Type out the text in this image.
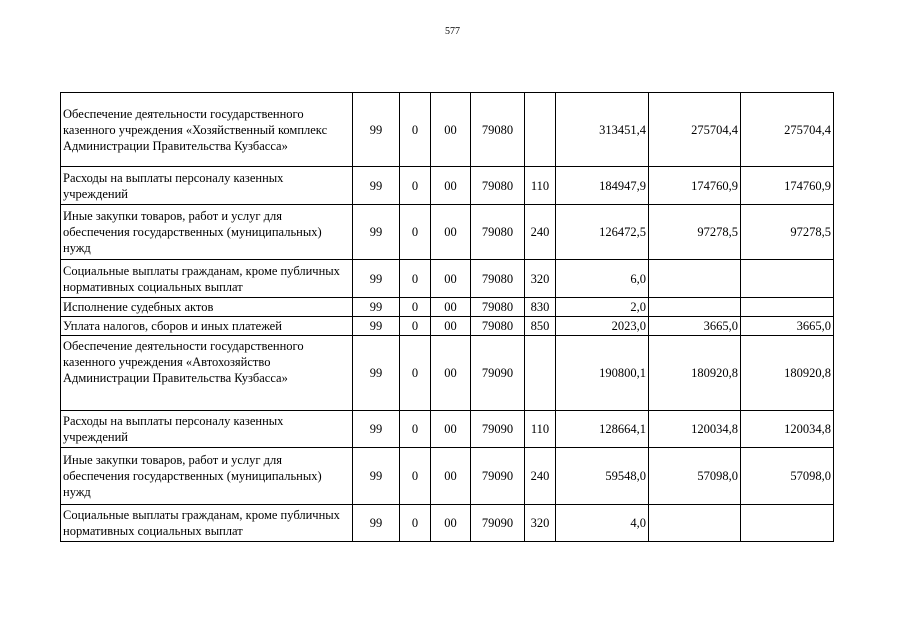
577
Обеспечение деятельности государственного казенного учреждения «Хозяйственный комплекс Администрации Правительства Кузбасса»	99	0	00	79080		313451,4	275704,4	275704,4
Расходы на выплаты персоналу казенных учреждений	99	0	00	79080	110	184947,9	174760,9	174760,9
Иные закупки товаров, работ и услуг для обеспечения государственных (муниципальных) нужд	99	0	00	79080	240	126472,5	97278,5	97278,5
Социальные выплаты гражданам, кроме публичных нормативных социальных выплат	99	0	00	79080	320	6,0		
Исполнение судебных актов	99	0	00	79080	830	2,0		
Уплата налогов, сборов и иных платежей	99	0	00	79080	850	2023,0	3665,0	3665,0
Обеспечение деятельности государственного казенного учреждения «Автохозяйство Администрации Правительства Кузбасса»	99	0	00	79090		190800,1	180920,8	180920,8
Расходы на выплаты персоналу казенных учреждений	99	0	00	79090	110	128664,1	120034,8	120034,8
Иные закупки товаров, работ и услуг для обеспечения государственных (муниципальных) нужд	99	0	00	79090	240	59548,0	57098,0	57098,0
Социальные выплаты гражданам, кроме публичных нормативных социальных выплат	99	0	00	79090	320	4,0		
